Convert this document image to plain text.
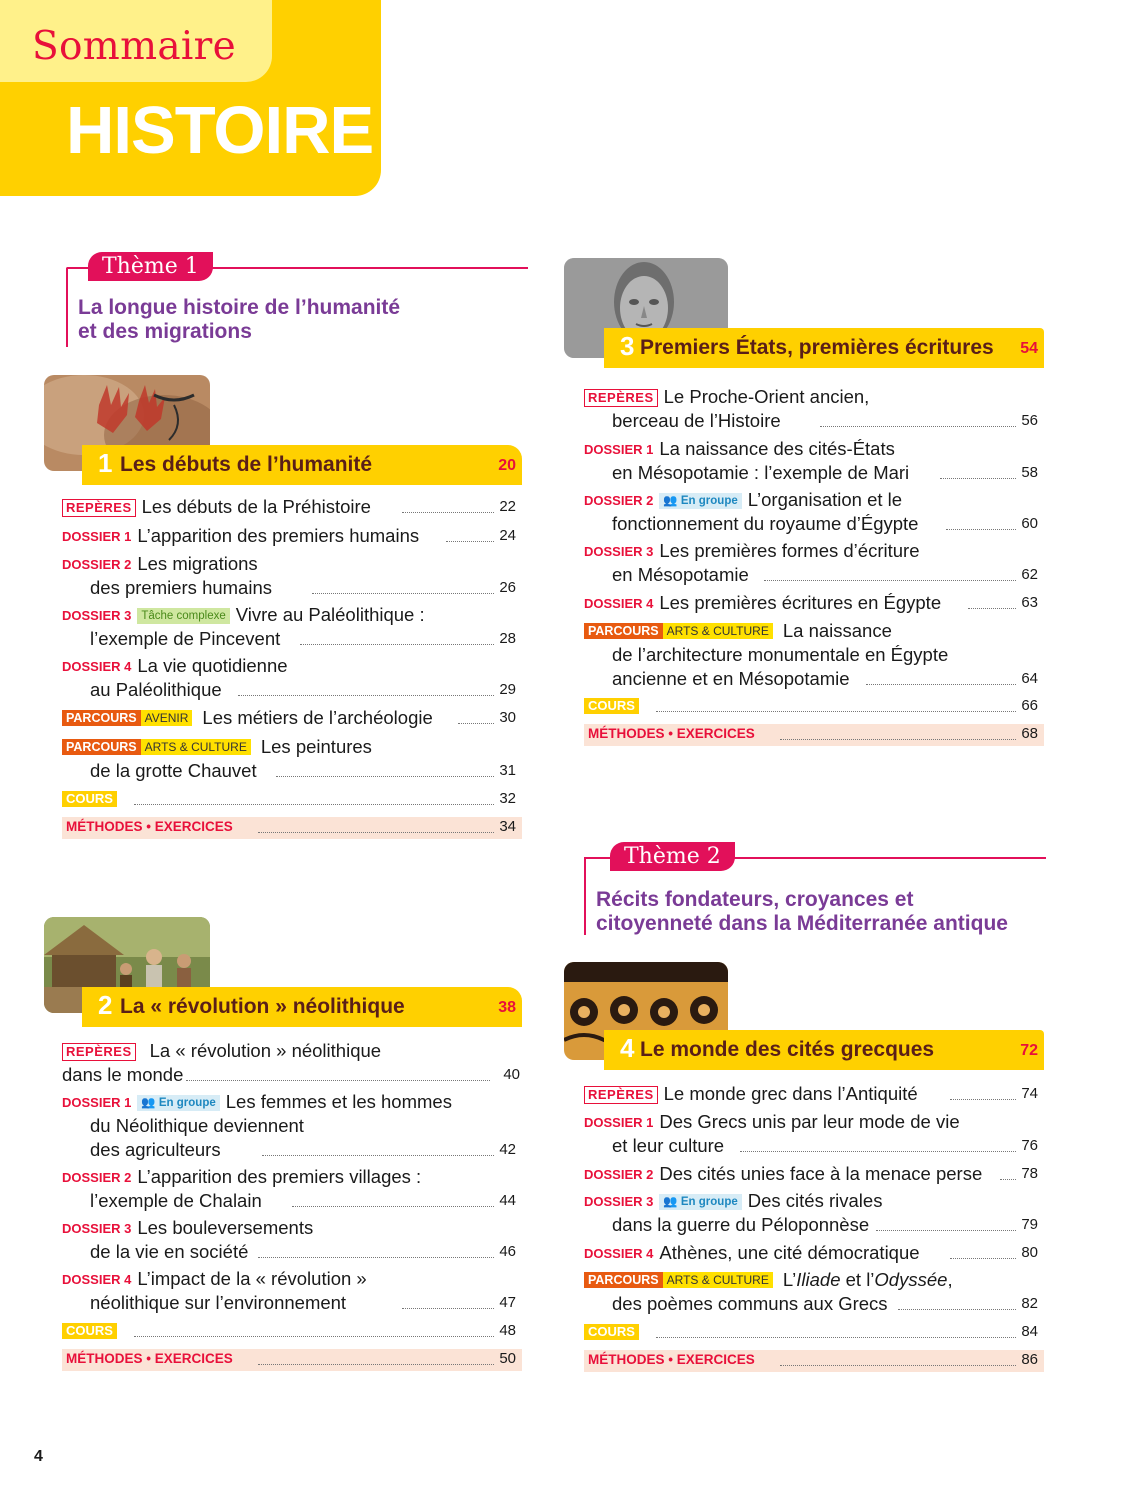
Sommaire
HISTOIRE
Thème 1
La longue histoire de l’humanité
et des migrations
Thème 2
Récits fondateurs, croyances et
citoyenneté dans la Méditerranée antique
1 Les débuts de l’humanité	20
REPÈRES Les débuts de la Préhistoire	22
DOSSIER 1 L’apparition des premiers humains	24
DOSSIER 2 Les migrations
des premiers humains	26
DOSSIER 3 Tâche complexe Vivre au Paléolithique :
l’exemple de Pincevent	28
DOSSIER 4 La vie quotidienne
au Paléolithique	29
PARCOURS AVENIR Les métiers de l’archéologie	30
PARCOURS ARTS & CULTURE Les peintures
de la grotte Chauvet	31
COURS	32
MÉTHODES • EXERCICES	34
2 La « révolution » néolithique	38
REPÈRES La « révolution » néolithique
dans le monde	40
DOSSIER 1 👥 En groupe Les femmes et les hommes
du Néolithique deviennent
des agriculteurs	42
DOSSIER 2 L’apparition des premiers villages :
l’exemple de Chalain	44
DOSSIER 3 Les bouleversements
de la vie en société	46
DOSSIER 4 L’impact de la « révolution »
néolithique sur l’environnement	47
COURS	48
MÉTHODES • EXERCICES	50
3 Premiers États, premières écritures 54
REPÈRES Le Proche-Orient ancien,
berceau de l’Histoire	56
DOSSIER 1 La naissance des cités-États
en Mésopotamie : l’exemple de Mari	58
DOSSIER 2 👥 En groupe L’organisation et le
fonctionnement du royaume d’Égypte	60
DOSSIER 3 Les premières formes d’écriture
en Mésopotamie	62
DOSSIER 4 Les premières écritures en Égypte	63
PARCOURS ARTS & CULTURE La naissance
de l’architecture monumentale en Égypte
ancienne et en Mésopotamie	64
COURS	66
MÉTHODES • EXERCICES	68
4 Le monde des cités grecques	72
REPÈRES Le monde grec dans l’Antiquité	74
DOSSIER 1 Des Grecs unis par leur mode de vie
et leur culture	76
DOSSIER 2 Des cités unies face à la menace perse	78
DOSSIER 3 👥 En groupe Des cités rivales
dans la guerre du Péloponnèse	79
DOSSIER 4 Athènes, une cité démocratique	80
PARCOURS ARTS & CULTURE L’Iliade et l’Odyssée,
des poèmes communs aux Grecs	82
COURS	84
MÉTHODES • EXERCICES	86
4
